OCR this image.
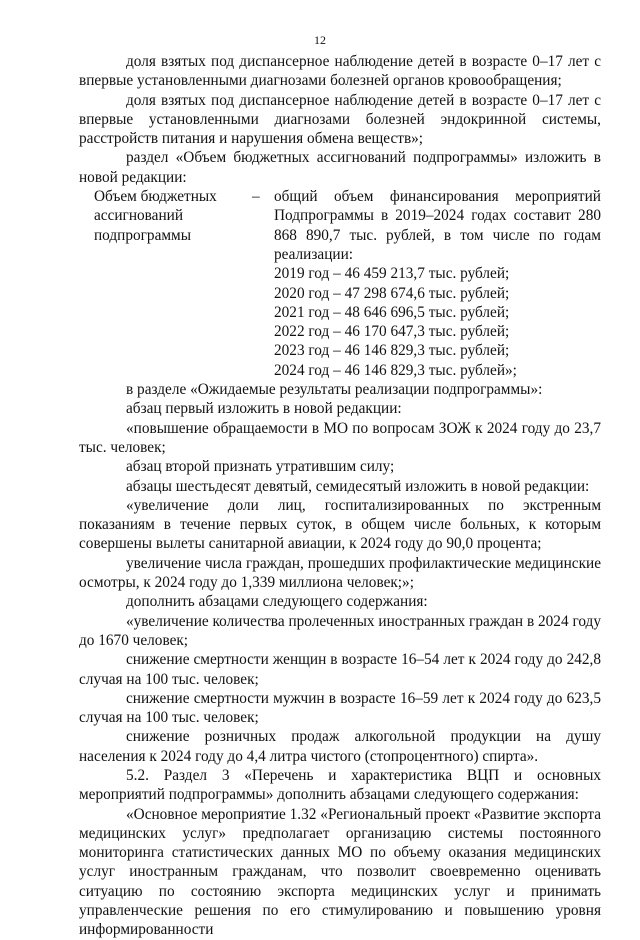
12

доля взятых под диспансерное наблюдение детей в возрасте 0–17 лет с впервые установленными диагнозами болезней органов кровообращения;

доля взятых под диспансерное наблюдение детей в возрасте 0–17 лет с впервые установленными диагнозами болезней эндокринной системы, расстройств питания и нарушения обмена веществ»;

раздел «Объем бюджетных ассигнований подпрограммы» изложить в новой редакции:

Объем бюджетных ассигнований подпрограммы
– общий объем финансирования мероприятий Подпрограммы в 2019–2024 годах составит 280 868 890,7 тыс. рублей, в том числе по годам реализации:
2019 год – 46 459 213,7 тыс. рублей;
2020 год – 47 298 674,6 тыс. рублей;
2021 год – 48 646 696,5 тыс. рублей;
2022 год – 46 170 647,3 тыс. рублей;
2023 год – 46 146 829,3 тыс. рублей;
2024 год – 46 146 829,3 тыс. рублей»;

в разделе «Ожидаемые результаты реализации подпрограммы»:

абзац первый изложить в новой редакции:

«повышение обращаемости в МО по вопросам ЗОЖ к 2024 году до 23,7 тыс. человек;

абзац второй признать утратившим силу;

абзацы шестьдесят девятый, семидесятый изложить в новой редакции:

«увеличение доли лиц, госпитализированных по экстренным показаниям в течение первых суток, в общем числе больных, к которым совершены вылеты санитарной авиации, к 2024 году до 90,0 процента;

увеличение числа граждан, прошедших профилактические медицинские осмотры, к 2024 году до 1,339 миллиона человек;»;

дополнить абзацами следующего содержания:

«увеличение количества пролеченных иностранных граждан в 2024 году до 1670 человек;

снижение смертности женщин в возрасте 16–54 лет к 2024 году до 242,8 случая на 100 тыс. человек;

снижение смертности мужчин в возрасте 16–59 лет к 2024 году до 623,5 случая на 100 тыс. человек;

снижение розничных продаж алкогольной продукции на душу населения к 2024 году до 4,4 литра чистого (стопроцентного) спирта».

5.2. Раздел 3 «Перечень и характеристика ВЦП и основных мероприятий подпрограммы» дополнить абзацами следующего содержания:

«Основное мероприятие 1.32 «Региональный проект «Развитие экспорта медицинских услуг» предполагает организацию системы постоянного мониторинга статистических данных МО по объему оказания медицинских услуг иностранным гражданам, что позволит своевременно оценивать ситуацию по состоянию экспорта медицинских услуг и принимать управленческие решения по его стимулированию и повышению уровня информированности
